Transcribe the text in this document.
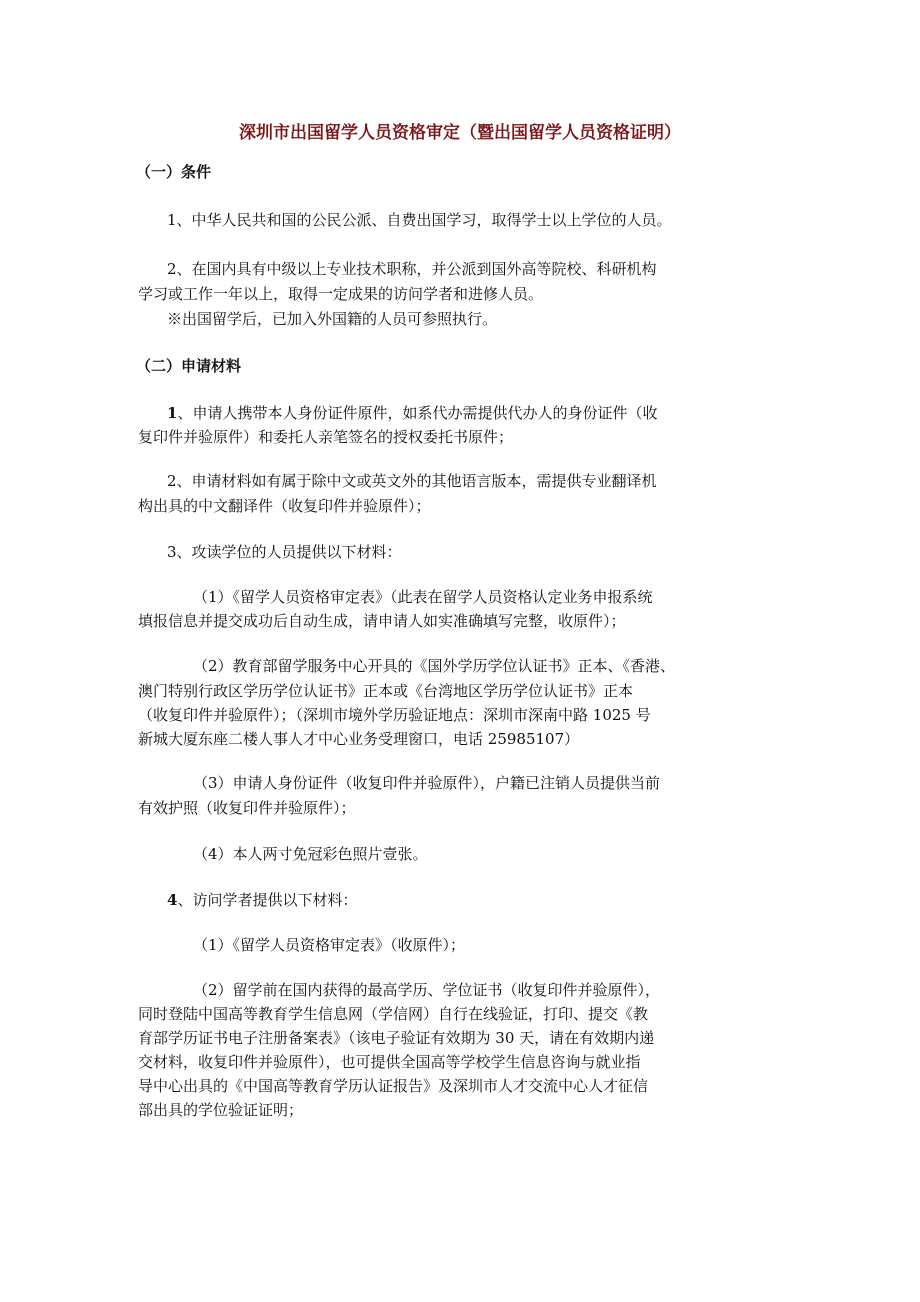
深圳市出国留学人员资格审定（暨出国留学人员资格证明）
（一）条件
1、中华人民共和国的公民公派、自费出国学习，取得学士以上学位的人员。
2、在国内具有中级以上专业技术职称，并公派到国外高等院校、科研机构
学习或工作一年以上，取得一定成果的访问学者和进修人员。
※出国留学后，已加入外国籍的人员可参照执行。
（二）申请材料
1、申请人携带本人身份证件原件，如系代办需提供代办人的身份证件（收
复印件并验原件）和委托人亲笔签名的授权委托书原件；
2、申请材料如有属于除中文或英文外的其他语言版本，需提供专业翻译机
构出具的中文翻译件（收复印件并验原件）；
3、攻读学位的人员提供以下材料：
（1）《留学人员资格审定表》（此表在留学人员资格认定业务申报系统
填报信息并提交成功后自动生成，请申请人如实准确填写完整，收原件）；
（2）教育部留学服务中心开具的《国外学历学位认证书》正本、《香港、
澳门特别行政区学历学位认证书》正本或《台湾地区学历学位认证书》正本
（收复印件并验原件）；（深圳市境外学历验证地点：深圳市深南中路 1025 号
新城大厦东座二楼人事人才中心业务受理窗口，电话 25985107）
（3）申请人身份证件（收复印件并验原件），户籍已注销人员提供当前
有效护照（收复印件并验原件）；
（4）本人两寸免冠彩色照片壹张。
4、访问学者提供以下材料：
（1）《留学人员资格审定表》（收原件）；
（2）留学前在国内获得的最高学历、学位证书（收复印件并验原件），
同时登陆中国高等教育学生信息网（学信网）自行在线验证，打印、提交《教
育部学历证书电子注册备案表》（该电子验证有效期为 30 天，请在有效期内递
交材料，收复印件并验原件），也可提供全国高等学校学生信息咨询与就业指
导中心出具的《中国高等教育学历认证报告》及深圳市人才交流中心人才征信
部出具的学位验证证明；
